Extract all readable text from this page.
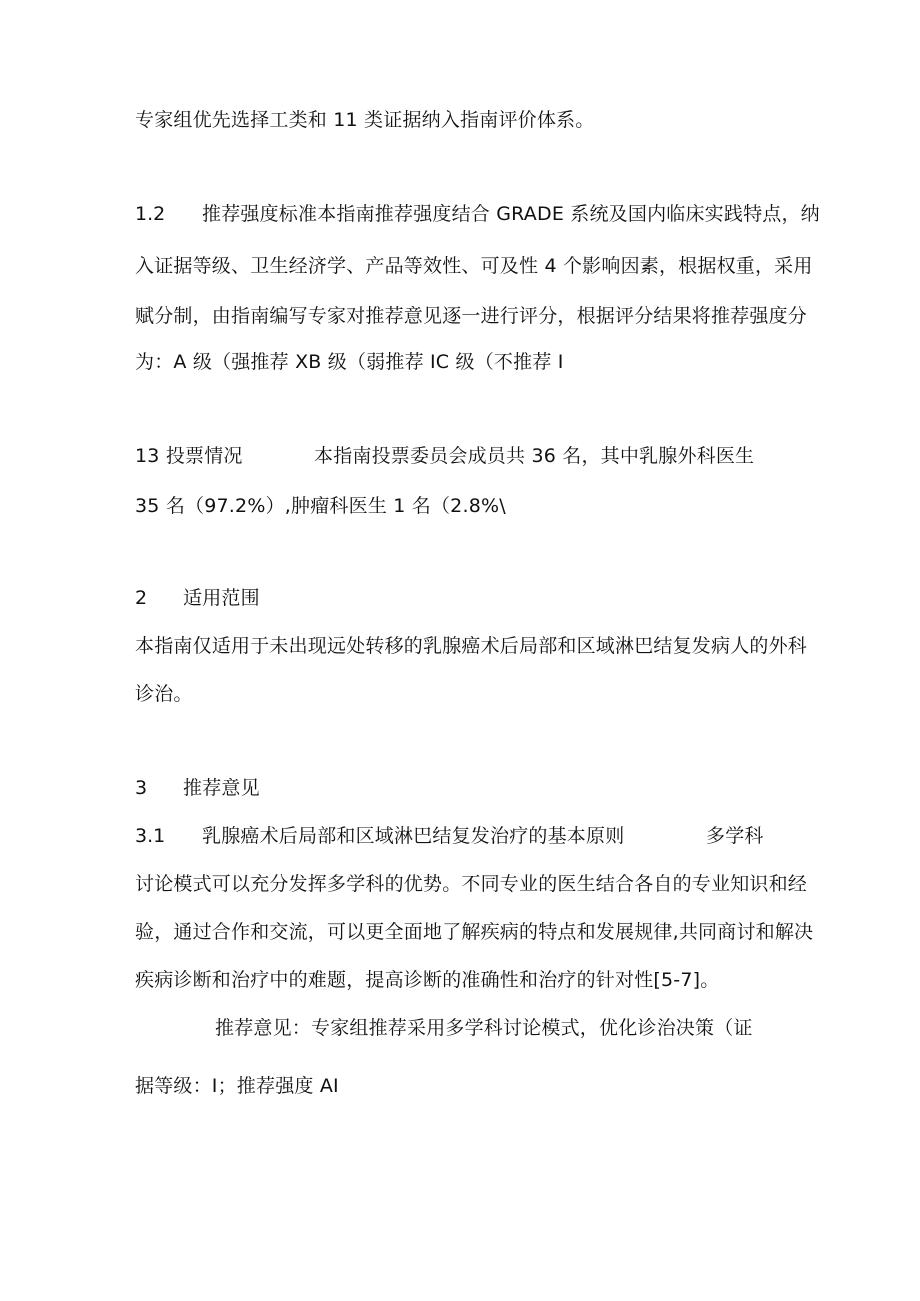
专家组优先选择工类和 11 类证据纳入指南评价体系。
1.2 推荐强度标准本指南推荐强度结合 GRADE 系统及国内临床实践特点，纳
入证据等级、卫生经济学、产品等效性、可及性 4 个影响因素，根据权重，采用
赋分制，由指南编写专家对推荐意见逐一进行评分，根据评分结果将推荐强度分
为：A 级（强推荐 XB 级（弱推荐 IC 级（不推荐 I
13 投票情况	本指南投票委员会成员共 36 名，其中乳腺外科医生
35 名（97.2%）,肿瘤科医生 1 名（2.8%\
2 适用范围
本指南仅适用于未出现远处转移的乳腺癌术后局部和区域淋巴结复发病人的外科
诊治。
3 推荐意见
3.1 乳腺癌术后局部和区域淋巴结复发治疗的基本原则	多学科
讨论模式可以充分发挥多学科的优势。不同专业的医生结合各自的专业知识和经
验，通过合作和交流，可以更全面地了解疾病的特点和发展规律,共同商讨和解决
疾病诊断和治疗中的难题，提高诊断的准确性和治疗的针对性[5-7]。
推荐意见：专家组推荐采用多学科讨论模式，优化诊治决策（证
据等级：I；推荐强度 AI
